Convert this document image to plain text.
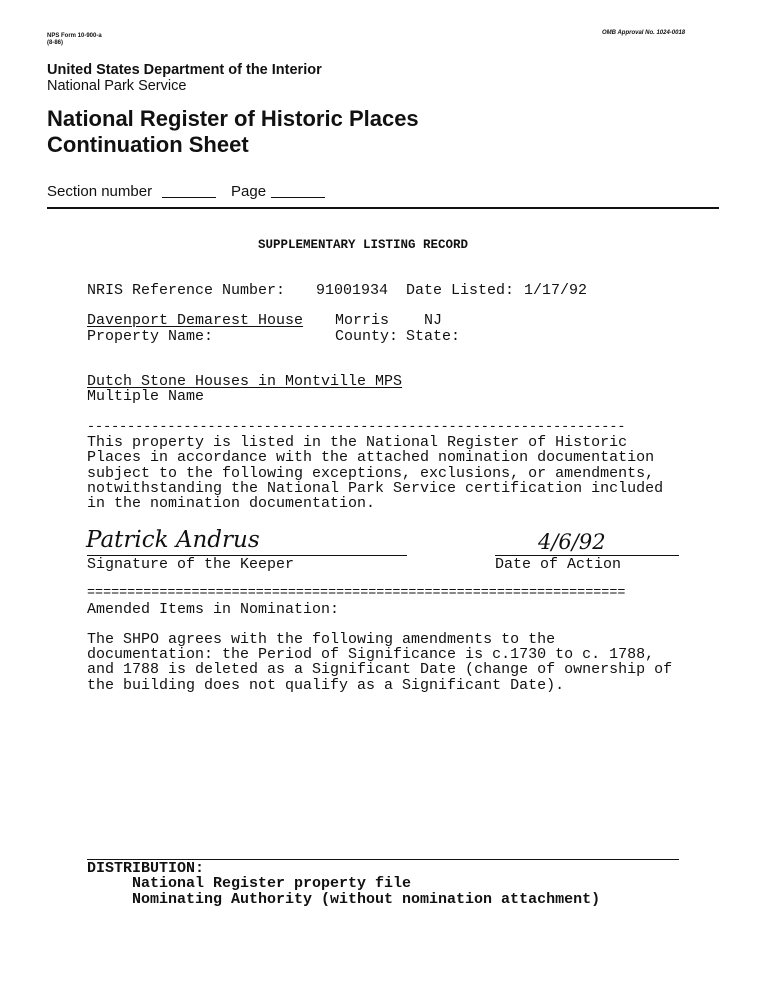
NPS Form 10-900-a
(8-86)
OMB Approval No. 1024-0018
United States Department of the Interior
National Park Service
National Register of Historic Places
Continuation Sheet
Section number	Page
SUPPLEMENTARY LISTING RECORD
NRIS Reference Number: 91001934 Date Listed: 1/17/92
Davenport Demarest House Morris NJ
Property Name:	County: State:
Dutch Stone Houses in Montville MPS
Multiple Name
-------------------------------------------------------------------
This property is listed in the National Register of Historic
Places in accordance with the attached nomination documentation
subject to the following exceptions, exclusions, or amendments,
notwithstanding the National Park Service certification included
in the nomination documentation.
Patrick Andrus
Signature of the Keeper
4/6/92
Date of Action
===================================================================
Amended Items in Nomination:
The SHPO agrees with the following amendments to the
documentation: the Period of Significance is c.1730 to c. 1788,
and 1788 is deleted as a Significant Date (change of ownership of
the building does not qualify as a Significant Date).
DISTRIBUTION:
National Register property file
Nominating Authority (without nomination attachment)
